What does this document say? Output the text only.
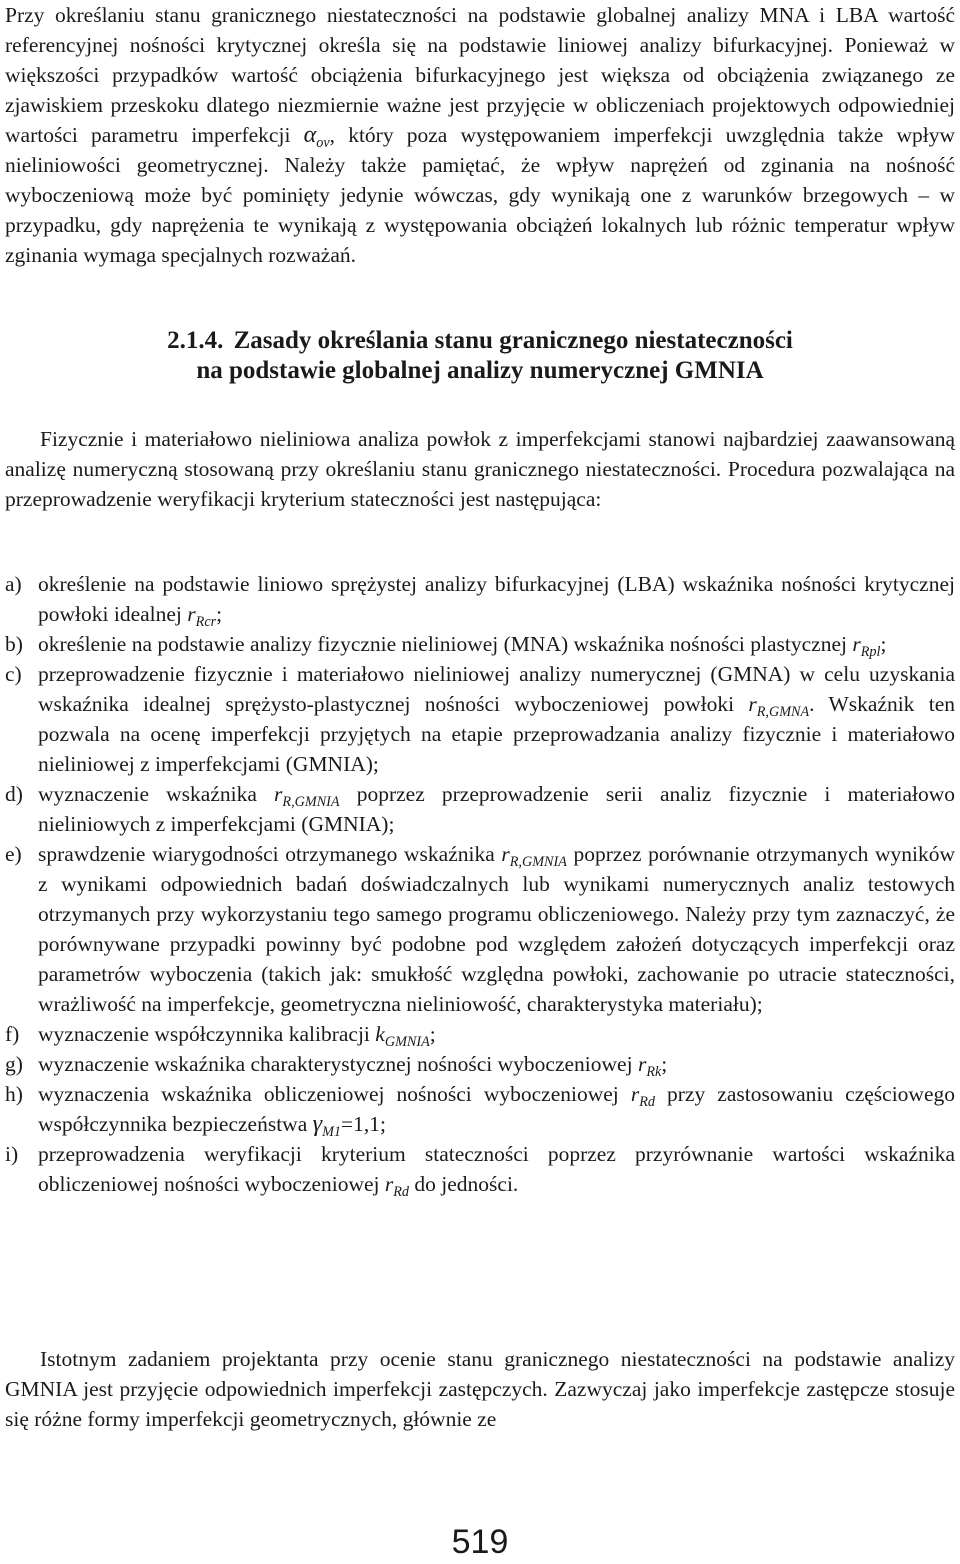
Przy określaniu stanu granicznego niestateczności na podstawie globalnej analizy MNA i LBA wartość referencyjnej nośności krytycznej określa się na podstawie liniowej analizy bifurkacyjnej. Ponieważ w większości przypadków wartość obciążenia bifurkacyjnego jest większa od obciążenia związanego ze zjawiskiem przeskoku dlatego niezmiernie ważne jest przyjęcie w obliczeniach projektowych odpowiedniej wartości parametru imperfekcji $\alpha_{ov}$, który poza występowaniem imperfekcji uwzględnia także wpływ nieliniowości geometrycznej. Należy także pamiętać, że wpływ naprężeń od zginania na nośność wyboczeniową może być pominięty jedynie wówczas, gdy wynikają one z warunków brzegowych – w przypadku, gdy naprężenia te wynikają z występowania obciążeń lokalnych lub różnic temperatur wpływ zginania wymaga specjalnych rozważań.

2.1.4. Zasady określania stanu granicznego niestateczności
na podstawie globalnej analizy numerycznej GMNIA

Fizycznie i materiałowo nieliniowa analiza powłok z imperfekcjami stanowi najbardziej zaawansowaną analizę numeryczną stosowaną przy określaniu stanu granicznego niestateczności. Procedura pozwalająca na przeprowadzenie weryfikacji kryterium stateczności jest następująca:

a) określenie na podstawie liniowo sprężystej analizy bifurkacyjnej (LBA) wskaźnika nośności krytycznej powłoki idealnej $r_{Rcr}$;
b) określenie na podstawie analizy fizycznie nieliniowej (MNA) wskaźnika nośności plastycznej $r_{Rpl}$;
c) przeprowadzenie fizycznie i materiałowo nieliniowej analizy numerycznej (GMNA) w celu uzyskania wskaźnika idealnej sprężysto-plastycznej nośności wyboczeniowej powłoki $r_{R,GMNA}$. Wskaźnik ten pozwala na ocenę imperfekcji przyjętych na etapie przeprowadzania analizy fizycznie i materiałowo nieliniowej z imperfekcjami (GMNIA);
d) wyznaczenie wskaźnika $r_{R,GMNIA}$ poprzez przeprowadzenie serii analiz fizycznie i materiałowo nieliniowych z imperfekcjami (GMNIA);
e) sprawdzenie wiarygodności otrzymanego wskaźnika $r_{R,GMNIA}$ poprzez porównanie otrzymanych wyników z wynikami odpowiednich badań doświadczalnych lub wynikami numerycznych analiz testowych otrzymanych przy wykorzystaniu tego samego programu obliczeniowego. Należy przy tym zaznaczyć, że porównywane przypadki powinny być podobne pod względem założeń dotyczących imperfekcji oraz parametrów wyboczenia (takich jak: smukłość względna powłoki, zachowanie po utracie stateczności, wrażliwość na imperfekcje, geometryczna nieliniowość, charakterystyka materiału);
f) wyznaczenie współczynnika kalibracji $k_{GMNIA}$;
g) wyznaczenie wskaźnika charakterystycznej nośności wyboczeniowej $r_{Rk}$;
h) wyznaczenia wskaźnika obliczeniowej nośności wyboczeniowej $r_{Rd}$ przy zastosowaniu częściowego współczynnika bezpieczeństwa $\gamma_{M1}=1,1$;
i) przeprowadzenia weryfikacji kryterium stateczności poprzez przyrównanie wartości wskaźnika obliczeniowej nośności wyboczeniowej $r_{Rd}$ do jedności.

Istotnym zadaniem projektanta przy ocenie stanu granicznego niestateczności na podstawie analizy GMNIA jest przyjęcie odpowiednich imperfekcji zastępczych. Zazwyczaj jako imperfekcje zastępcze stosuje się różne formy imperfekcji geometrycznych, głównie ze

519
